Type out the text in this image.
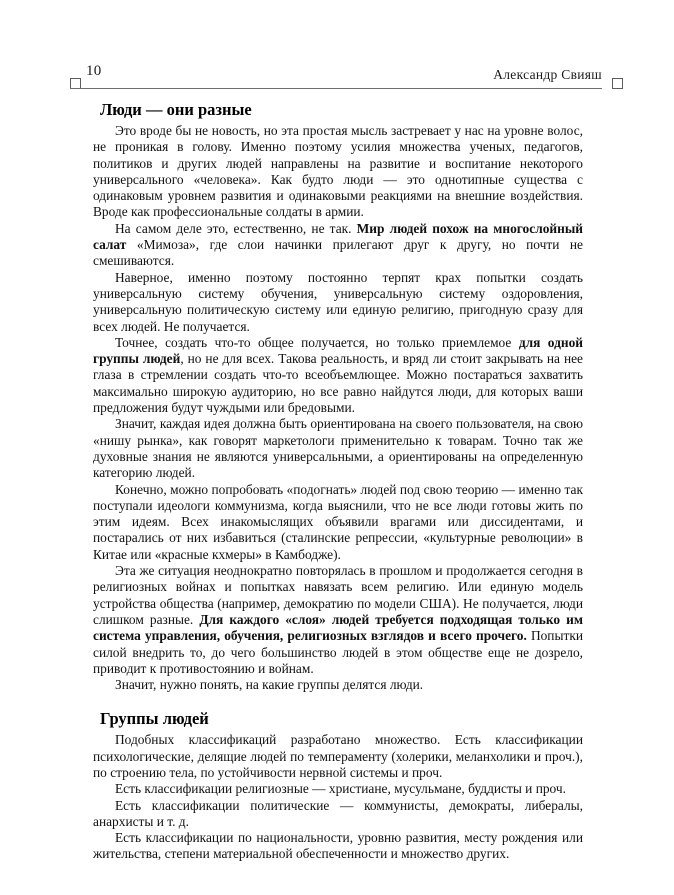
10	Александр Свияш
Люди — они разные

Это вроде бы не новость, но эта простая мысль застревает у нас на уровне волос, не проникая в голову. Именно поэтому усилия множества ученых, педагогов, политиков и других людей направлены на развитие и воспитание некоторого универсального «человека». Как будто люди — это однотипные существа с одинаковым уровнем развития и одинаковыми реакциями на внешние воздействия. Вроде как профессиональные солдаты в армии.

На самом деле это, естественно, не так. Мир людей похож на многослойный салат «Мимоза», где слои начинки прилегают друг к другу, но почти не смешиваются.

Наверное, именно поэтому постоянно терпят крах попытки создать универсальную систему обучения, универсальную систему оздоровления, универсальную политическую систему или единую религию, пригодную сразу для всех людей. Не получается.

Точнее, создать что-то общее получается, но только приемлемое для одной группы людей, но не для всех. Такова реальность, и вряд ли стоит закрывать на нее глаза в стремлении создать что-то всеобъемлющее. Можно постараться захватить максимально широкую аудиторию, но все равно найдутся люди, для которых ваши предложения будут чуждыми или бредовыми.

Значит, каждая идея должна быть ориентирована на своего пользователя, на свою «нишу рынка», как говорят маркетологи применительно к товарам. Точно так же духовные знания не являются универсальными, а ориентированы на определенную категорию людей.

Конечно, можно попробовать «подогнать» людей под свою теорию — именно так поступали идеологи коммунизма, когда выяснили, что не все люди готовы жить по этим идеям. Всех инакомыслящих объявили врагами или диссидентами, и постарались от них избавиться (сталинские репрессии, «культурные революции» в Китае или «красные кхмеры» в Камбодже).

Эта же ситуация неоднократно повторялась в прошлом и продолжается сегодня в религиозных войнах и попытках навязать всем религию. Или единую модель устройства общества (например, демократию по модели США). Не получается, люди слишком разные. Для каждого «слоя» людей требуется подходящая только им система управления, обучения, религиозных взглядов и всего прочего. Попытки силой внедрить то, до чего большинство людей в этом обществе еще не дозрело, приводит к противостоянию и войнам.

Значит, нужно понять, на какие группы делятся люди.

Группы людей

Подобных классификаций разработано множество. Есть классификации психологические, делящие людей по темпераменту (холерики, меланхолики и проч.), по строению тела, по устойчивости нервной системы и проч.

Есть классификации религиозные — христиане, мусульмане, буддисты и проч.

Есть классификации политические — коммунисты, демократы, либералы, анархисты и т. д.

Есть классификации по национальности, уровню развития, месту рождения или жительства, степени материальной обеспеченности и множество других.
